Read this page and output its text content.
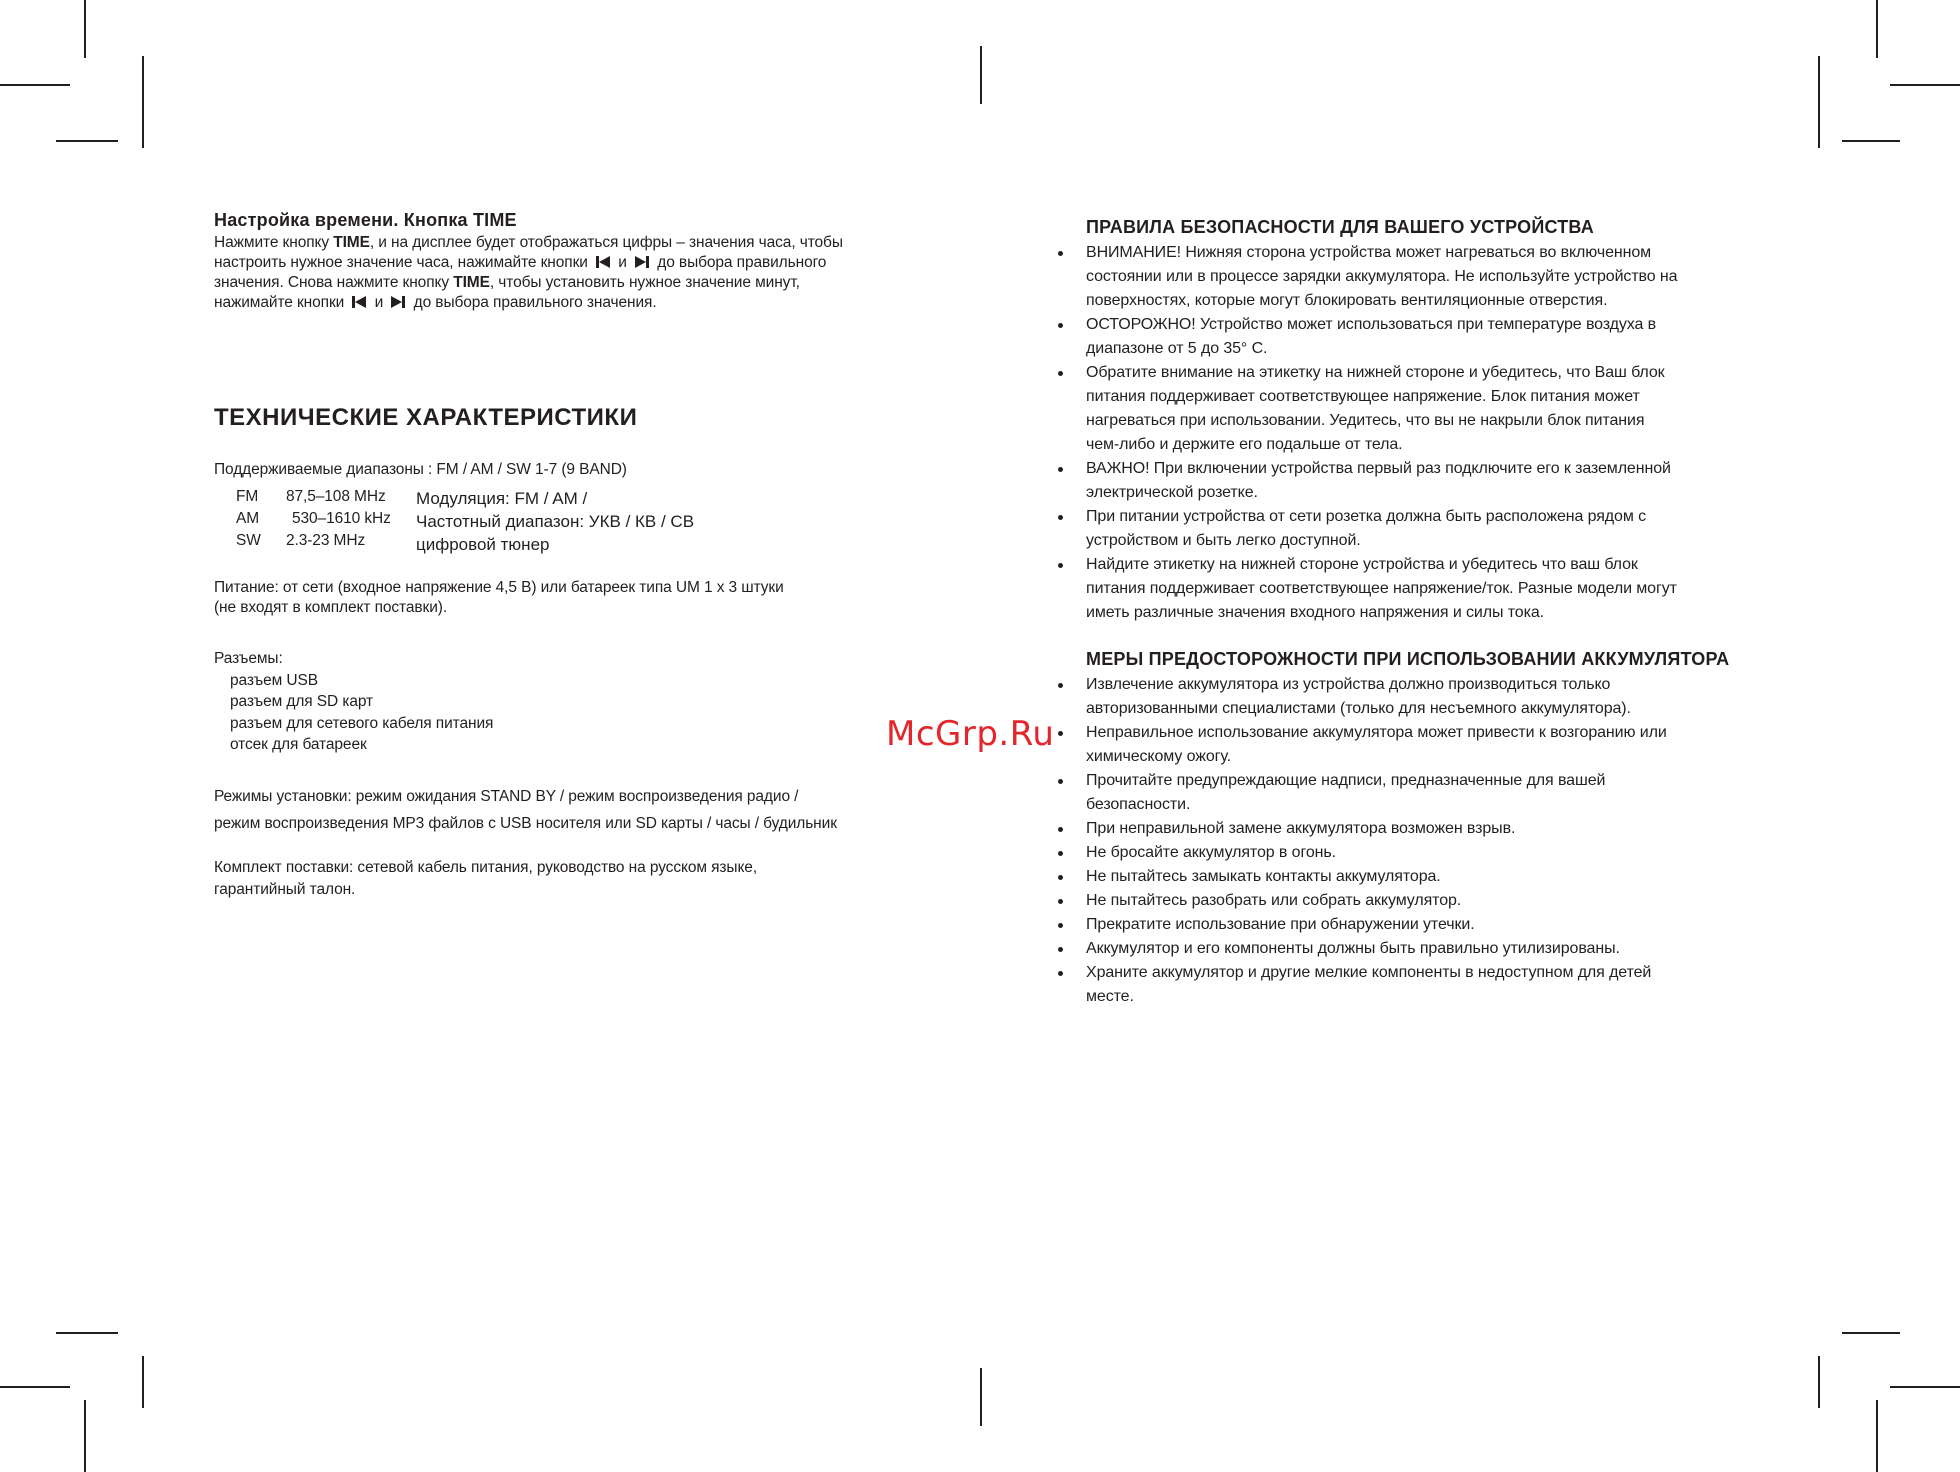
Настройка времени. Кнопка TIME
Нажмите кнопку TIME, и на дисплее будет отображаться цифры – значения часа, чтобы
настроить нужное значение часа, нажимайте кнопки и до выбора правильного
значения. Снова нажмите кнопку TIME, чтобы установить нужное значение минут,
нажимайте кнопки и до выбора правильного значения.
ТЕХНИЧЕСКИЕ ХАРАКТЕРИСТИКИ
Поддерживаемые диапазоны : FM / AM / SW 1-7 (9 BAND)
FM 87,5–108 MHz
AM 530–1610 kHz
SW 2.3-23 MHz
Модуляция: FM / AM /
Частотный диапазон: УКВ / КВ / СВ
цифровой тюнер
Питание: от сети (входное напряжение 4,5 В) или батареек типа UM 1 x 3 штуки
(не входят в комплект поставки).
Разъемы:
разъем USB
разъем для SD карт
разъем для сетевого кабеля питания
отсек для батареек
Режимы установки: режим ожидания STAND BY / режим воспроизведения радио /
режим воспроизведения MP3 файлов с USB носителя или SD карты / часы / будильник
Комплект поставки: сетевой кабель питания, руководство на русском языке,
гарантийный талон.
ПРАВИЛА БЕЗОПАСНОСТИ ДЛЯ ВАШЕГО УСТРОЙСТВА
ВНИМАНИЕ! Нижняя сторона устройства может нагреваться во включенном
состоянии или в процессе зарядки аккумулятора. Не используйте устройство на
поверхностях, которые могут блокировать вентиляционные отверстия.
ОСТОРОЖНО! Устройство может использоваться при температуре воздуха в
диапазоне от 5 до 35° С.
Обратите внимание на этикетку на нижней стороне и убедитесь, что Ваш блок
питания поддерживает соответствующее напряжение. Блок питания может
нагреваться при использовании. Уедитесь, что вы не накрыли блок питания
чем-либо и держите его подальше от тела.
ВАЖНО! При включении устройства первый раз подключите его к заземленной
электрической розетке.
При питании устройства от сети розетка должна быть расположена рядом с
устройством и быть легко доступной.
Найдите этикетку на нижней стороне устройства и убедитесь что ваш блок
питания поддерживает соответствующее напряжение/ток. Разные модели могут
иметь различные значения входного напряжения и силы тока.
МЕРЫ ПРЕДОСТОРОЖНОСТИ ПРИ ИСПОЛЬЗОВАНИИ АККУМУЛЯТОРА
Извлечение аккумулятора из устройства должно производиться только
авторизованными специалистами (только для несъемного аккумулятора).
Неправильное использование аккумулятора может привести к возгоранию или
химическому ожогу.
Прочитайте предупреждающие надписи, предназначенные для вашей
безопасности.
При неправильной замене аккумулятора возможен взрыв.
Не бросайте аккумулятор в огонь.
Не пытайтесь замыкать контакты аккумулятора.
Не пытайтесь разобрать или собрать аккумулятор.
Прекратите использование при обнаружении утечки.
Аккумулятор и его компоненты должны быть правильно утилизированы.
Храните аккумулятор и другие мелкие компоненты в недоступном для детей
месте.
McGrp.Ru
